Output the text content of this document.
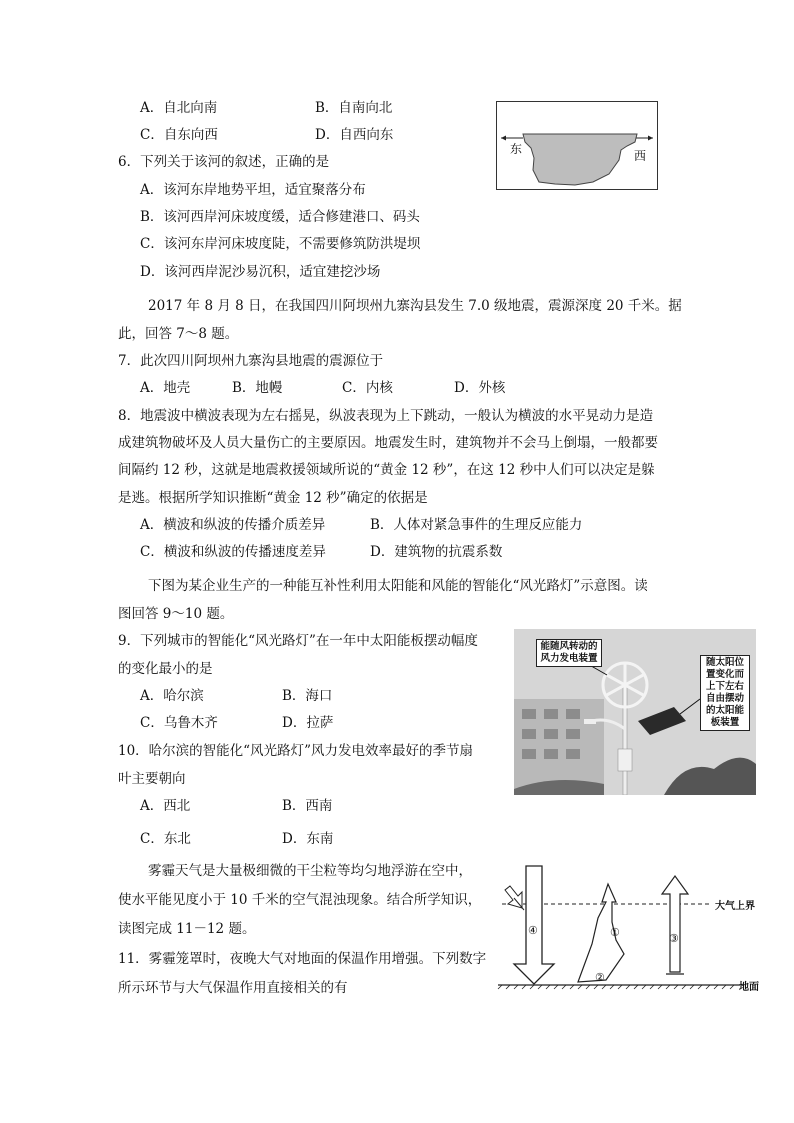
A．自北向南	B．自南向北
C．自东向西	D．自西向东
东	西
6．下列关于该河的叙述，正确的是
A．该河东岸地势平坦，适宜聚落分布
B．该河西岸河床坡度缓，适合修建港口、码头
C．该河东岸河床坡度陡，不需要修筑防洪堤坝
D．该河西岸泥沙易沉积，适宜建挖沙场
2017 年 8 月 8 日，在我国四川阿坝州九寨沟县发生 7.0 级地震，震源深度 20 千米。据
此，回答 7～8 题。
7．此次四川阿坝州九寨沟县地震的震源位于
A．地壳	B．地幔	C．内核	D．外核
8．地震波中横波表现为左右摇晃，纵波表现为上下跳动，一般认为横波的水平晃动力是造
成建筑物破坏及人员大量伤亡的主要原因。地震发生时，建筑物并不会马上倒塌，一般都要
间隔约 12 秒，这就是地震救援领域所说的“黄金 12 秒”，在这 12 秒中人们可以决定是躲
是逃。根据所学知识推断“黄金 12 秒”确定的依据是
A．横波和纵波的传播介质差异	B．人体对紧急事件的生理反应能力
C．横波和纵波的传播速度差异	D．建筑物的抗震系数
下图为某企业生产的一种能互补性利用太阳能和风能的智能化“风光路灯”示意图。读
图回答 9～10 题。
9．下列城市的智能化“风光路灯”在一年中太阳能板摆动幅度
的变化最小的是
A．哈尔滨	B．海口
C．乌鲁木齐	D．拉萨
能随风转动的风力发电装置	随太阳位置变化而上下左右自由摆动的太阳能板装置
10．哈尔滨的智能化“风光路灯”风力发电效率最好的季节扇
叶主要朝向
A．西北	B．西南
C．东北	D．东南
雾霾天气是大量极细微的干尘粒等均匀地浮游在空中，
使水平能见度小于 10 千米的空气混浊现象。结合所学知识，
读图完成 11－12 题。
11．雾霾笼罩时，夜晚大气对地面的保温作用增强。下列数字
所示环节与大气保温作用直接相关的有
大气上界
地面
①
②
③
④
